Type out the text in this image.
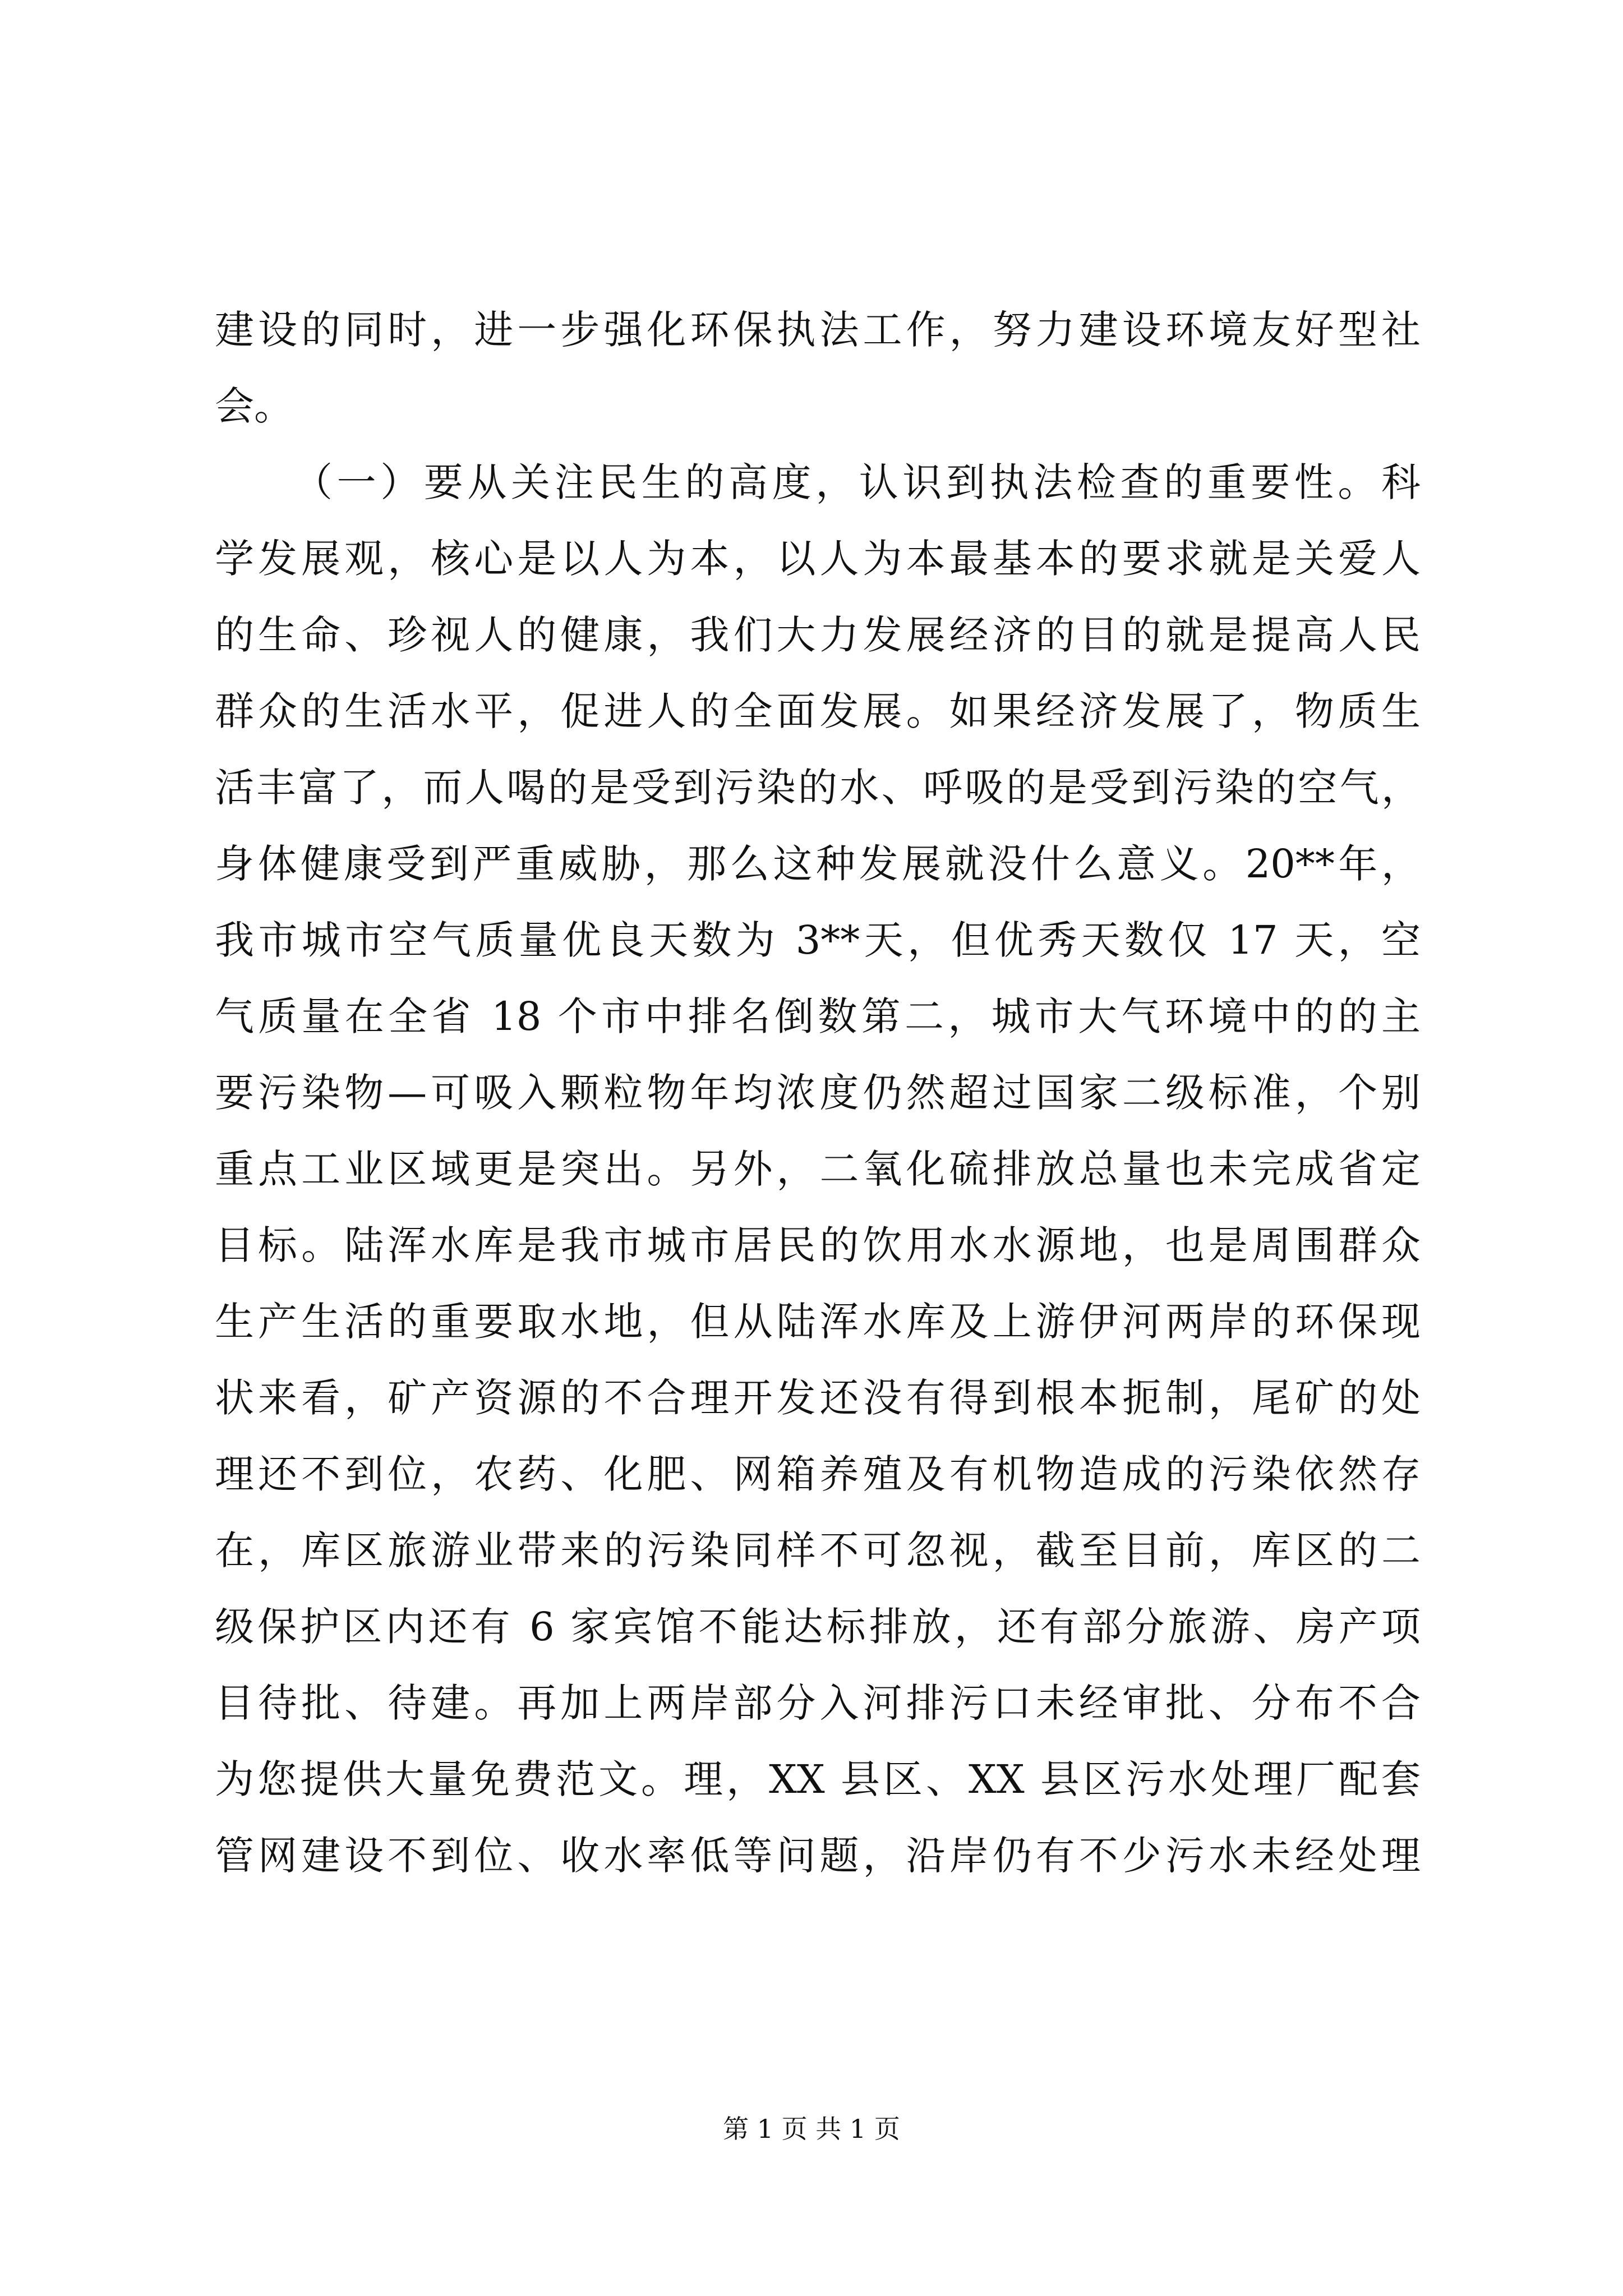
建设的同时，进一步强化环保执法工作，努力建设环境友好型社
会。
（一）要从关注民生的高度，认识到执法检查的重要性。科
学发展观，核心是以人为本，以人为本最基本的要求就是关爱人
的生命、珍视人的健康，我们大力发展经济的目的就是提高人民
群众的生活水平，促进人的全面发展。如果经济发展了，物质生
活丰富了，而人喝的是受到污染的水、呼吸的是受到污染的空气，
身体健康受到严重威胁，那么这种发展就没什么意义。20**年，
我市城市空气质量优良天数为 3**天，但优秀天数仅 17 天，空
气质量在全省 18 个市中排名倒数第二，城市大气环境中的的主
要污染物—可吸入颗粒物年均浓度仍然超过国家二级标准，个别
重点工业区域更是突出。另外，二氧化硫排放总量也未完成省定
目标。陆浑水库是我市城市居民的饮用水水源地，也是周围群众
生产生活的重要取水地，但从陆浑水库及上游伊河两岸的环保现
状来看，矿产资源的不合理开发还没有得到根本扼制，尾矿的处
理还不到位，农药、化肥、网箱养殖及有机物造成的污染依然存
在，库区旅游业带来的污染同样不可忽视，截至目前，库区的二
级保护区内还有 6 家宾馆不能达标排放，还有部分旅游、房产项
目待批、待建。再加上两岸部分入河排污口未经审批、分布不合
为您提供大量免费范文。理，XX 县区、XX 县区污水处理厂配套
管网建设不到位、收水率低等问题，沿岸仍有不少污水未经处理
第 1 页 共 1 页
